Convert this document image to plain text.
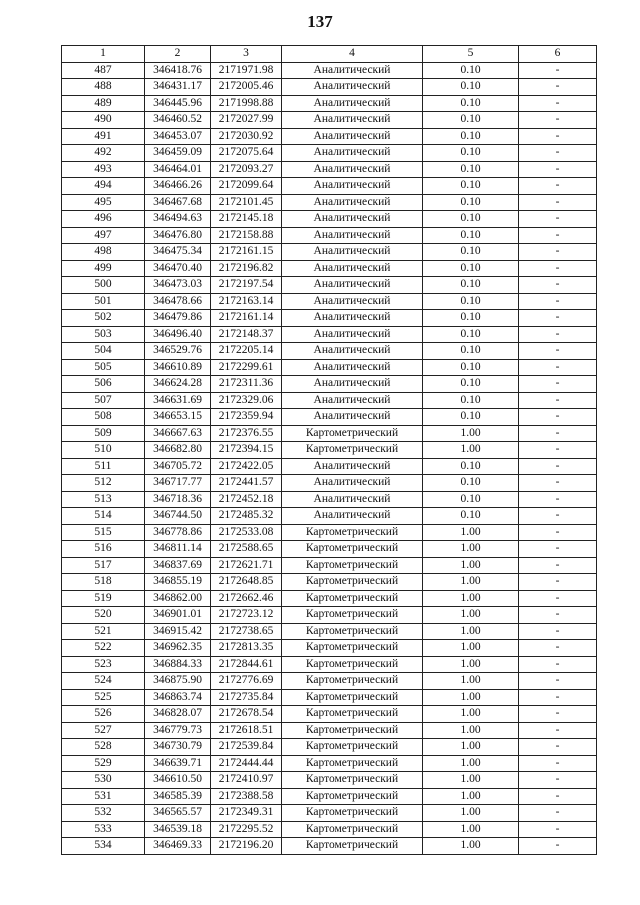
137
1	2	3	4	5	6
487	346418.76	2171971.98	Аналитический	0.10	-
488	346431.17	2172005.46	Аналитический	0.10	-
489	346445.96	2171998.88	Аналитический	0.10	-
490	346460.52	2172027.99	Аналитический	0.10	-
491	346453.07	2172030.92	Аналитический	0.10	-
492	346459.09	2172075.64	Аналитический	0.10	-
493	346464.01	2172093.27	Аналитический	0.10	-
494	346466.26	2172099.64	Аналитический	0.10	-
495	346467.68	2172101.45	Аналитический	0.10	-
496	346494.63	2172145.18	Аналитический	0.10	-
497	346476.80	2172158.88	Аналитический	0.10	-
498	346475.34	2172161.15	Аналитический	0.10	-
499	346470.40	2172196.82	Аналитический	0.10	-
500	346473.03	2172197.54	Аналитический	0.10	-
501	346478.66	2172163.14	Аналитический	0.10	-
502	346479.86	2172161.14	Аналитический	0.10	-
503	346496.40	2172148.37	Аналитический	0.10	-
504	346529.76	2172205.14	Аналитический	0.10	-
505	346610.89	2172299.61	Аналитический	0.10	-
506	346624.28	2172311.36	Аналитический	0.10	-
507	346631.69	2172329.06	Аналитический	0.10	-
508	346653.15	2172359.94	Аналитический	0.10	-
509	346667.63	2172376.55	Картометрический	1.00	-
510	346682.80	2172394.15	Картометрический	1.00	-
511	346705.72	2172422.05	Аналитический	0.10	-
512	346717.77	2172441.57	Аналитический	0.10	-
513	346718.36	2172452.18	Аналитический	0.10	-
514	346744.50	2172485.32	Аналитический	0.10	-
515	346778.86	2172533.08	Картометрический	1.00	-
516	346811.14	2172588.65	Картометрический	1.00	-
517	346837.69	2172621.71	Картометрический	1.00	-
518	346855.19	2172648.85	Картометрический	1.00	-
519	346862.00	2172662.46	Картометрический	1.00	-
520	346901.01	2172723.12	Картометрический	1.00	-
521	346915.42	2172738.65	Картометрический	1.00	-
522	346962.35	2172813.35	Картометрический	1.00	-
523	346884.33	2172844.61	Картометрический	1.00	-
524	346875.90	2172776.69	Картометрический	1.00	-
525	346863.74	2172735.84	Картометрический	1.00	-
526	346828.07	2172678.54	Картометрический	1.00	-
527	346779.73	2172618.51	Картометрический	1.00	-
528	346730.79	2172539.84	Картометрический	1.00	-
529	346639.71	2172444.44	Картометрический	1.00	-
530	346610.50	2172410.97	Картометрический	1.00	-
531	346585.39	2172388.58	Картометрический	1.00	-
532	346565.57	2172349.31	Картометрический	1.00	-
533	346539.18	2172295.52	Картометрический	1.00	-
534	346469.33	2172196.20	Картометрический	1.00	-
